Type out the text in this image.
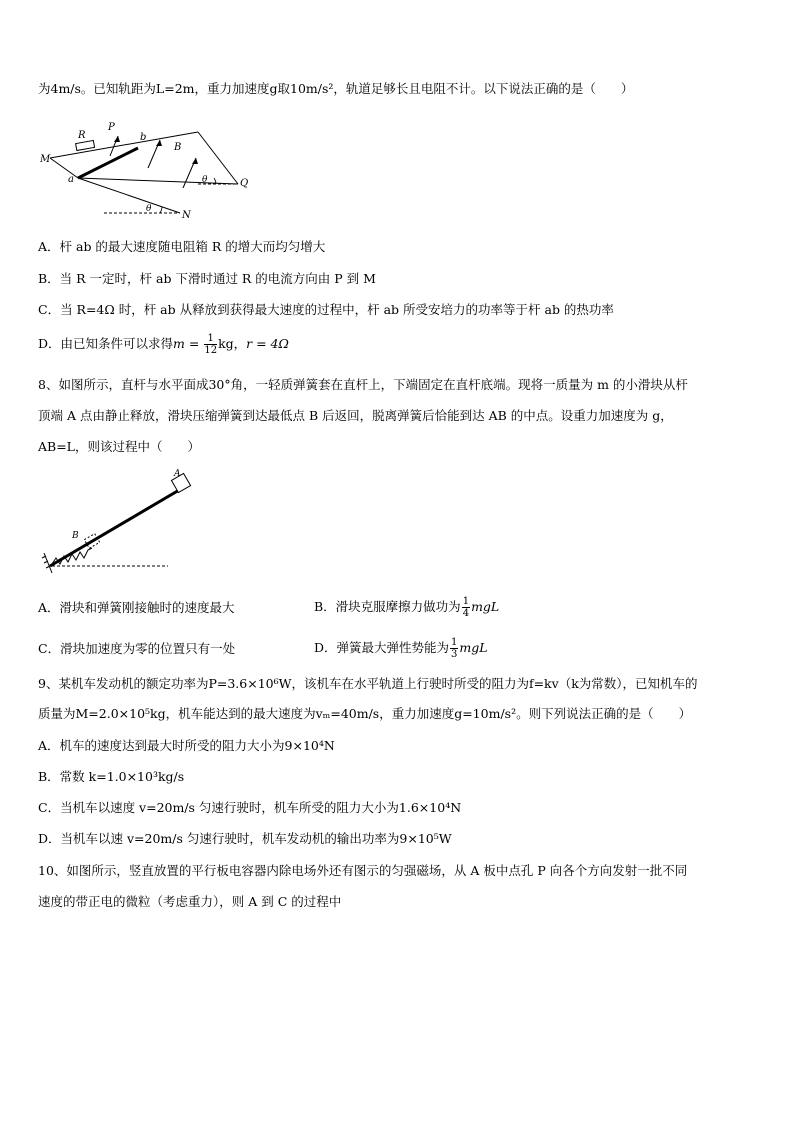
为4m/s。已知轨距为L=2m，重力加速度g取10m/s²，轨道足够长且电阻不计。以下说法正确的是（　　）
M
R
P
b
B
a	Q
N
θ
θ
A．杆 ab 的最大速度随电阻箱 R 的增大而均匀增大
B．当 R 一定时，杆 ab 下滑时通过 R 的电流方向由 P 到 M
C．当 R=4Ω 时，杆 ab 从释放到获得最大速度的过程中，杆 ab 所受安培力的功率等于杆 ab 的热功率
D．由已知条件可以求得$m = \frac{1}{12}$ kg，r = 4Ω
8、如图所示，直杆与水平面成30°角，一轻质弹簧套在直杆上，下端固定在直杆底端。现将一质量为 m 的小滑块从杆
顶端 A 点由静止释放，滑块压缩弹簧到达最低点 B 后返回，脱离弹簧后恰能到达 AB 的中点。设重力加速度为 g，
AB=L，则该过程中（　　）
A
B
A．滑块和弹簧刚接触时的速度最大	B．滑块克服摩擦力做功为 $\frac{1}{4}$ mgL
C．滑块加速度为零的位置只有一处	D．弹簧最大弹性势能为 $\frac{1}{3}$ mgL
9、某机车发动机的额定功率为P=3.6×10⁶W，该机车在水平轨道上行驶时所受的阻力为f=kv（k为常数），已知机车的
质量为M=2.0×10⁵kg，机车能达到的最大速度为vₘ=40m/s，重力加速度g=10m/s²。则下列说法正确的是（　　）
A．机车的速度达到最大时所受的阻力大小为9×10⁴N
B．常数 k=1.0×10³kg/s
C．当机车以速度 v=20m/s 匀速行驶时，机车所受的阻力大小为1.6×10⁴N
D．当机车以速 v=20m/s 匀速行驶时，机车发动机的输出功率为9×10⁵W
10、如图所示，竖直放置的平行板电容器内除电场外还有图示的匀强磁场，从 A 板中点孔 P 向各个方向发射一批不同
速度的带正电的微粒（考虑重力），则 A 到 C 的过程中
